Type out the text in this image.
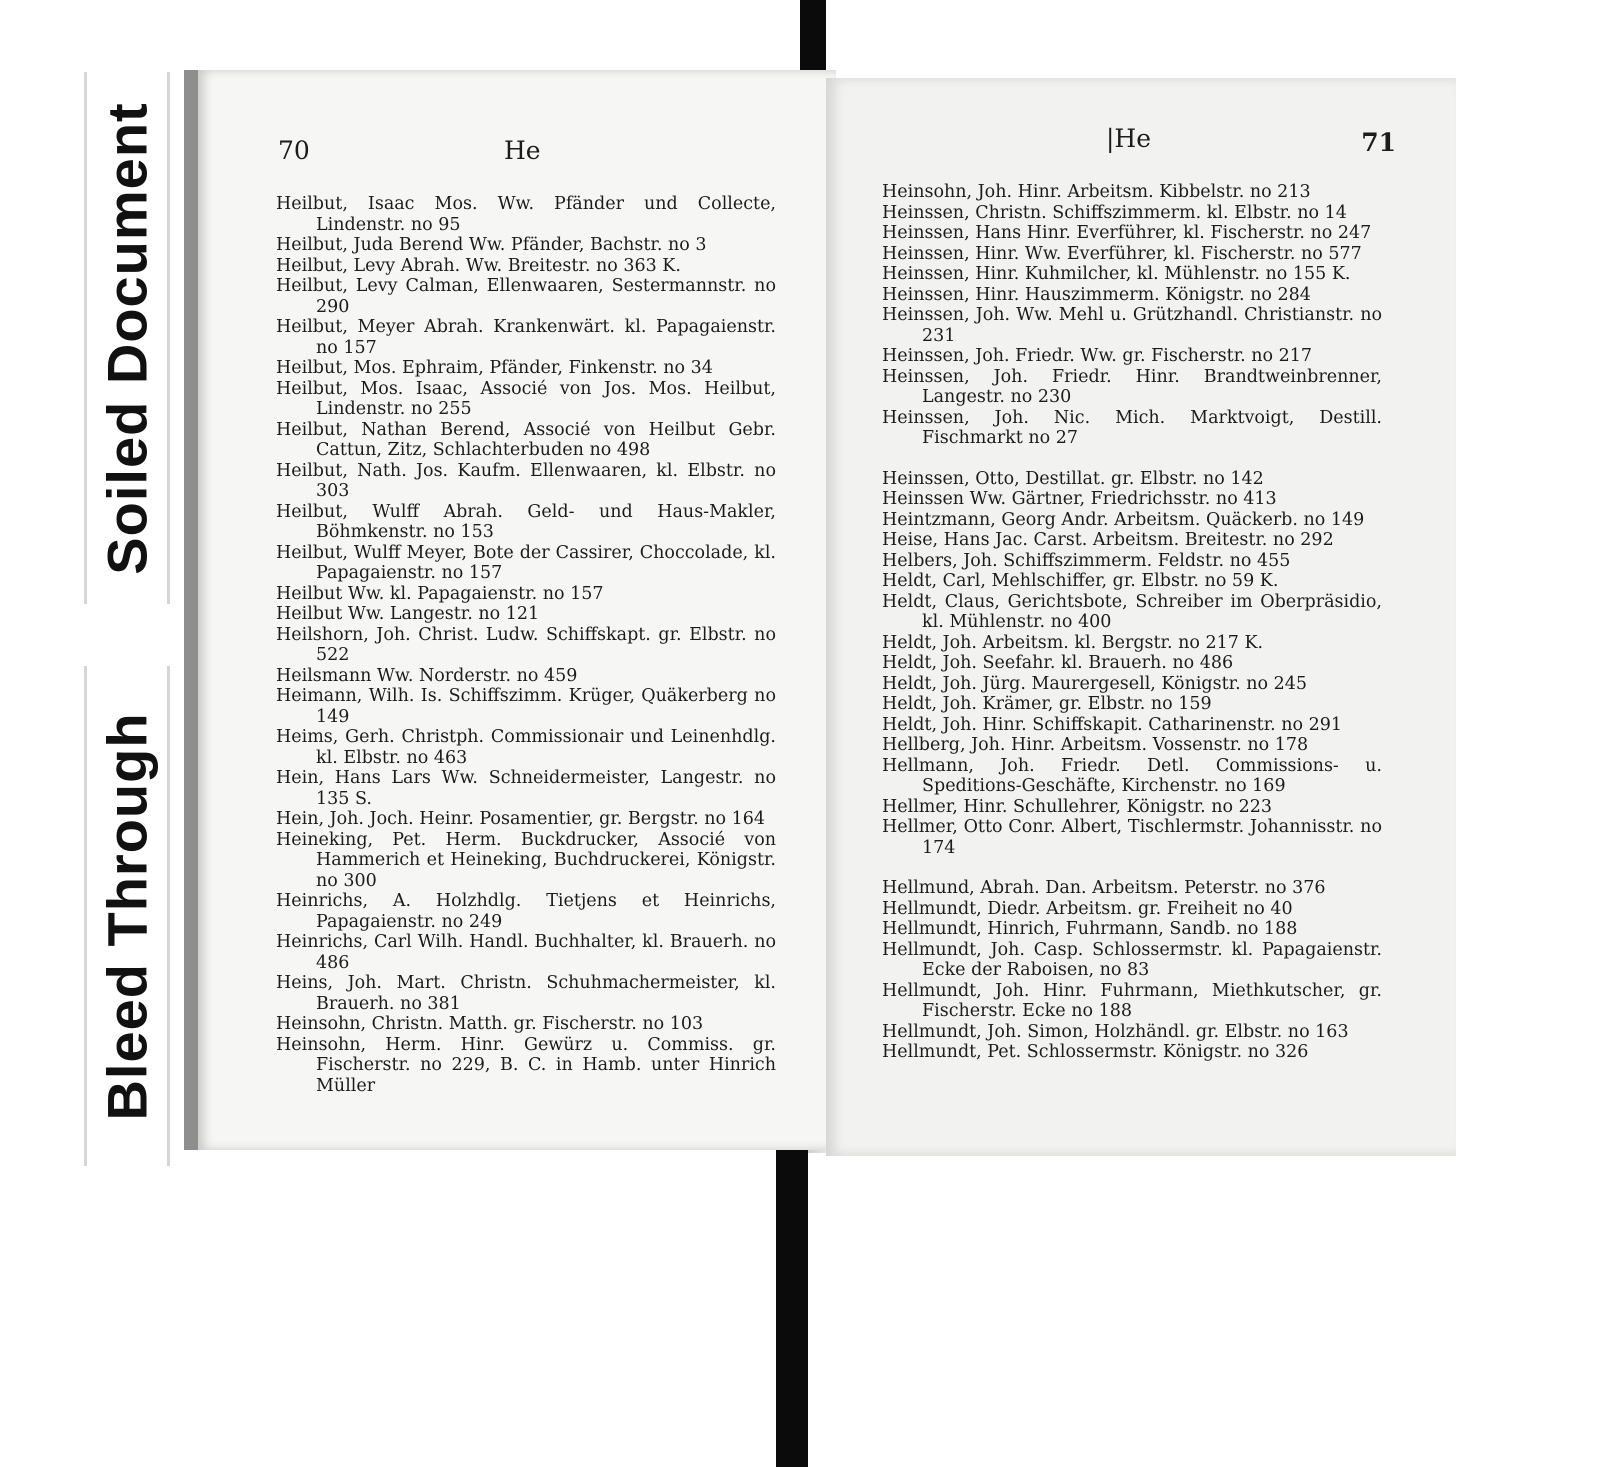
Soiled Document
Bleed Through
70	He
Heilbut, Isaac Mos. Ww. Pfänder und Collecte, Lindenstr. no 95
Heilbut, Juda Berend Ww. Pfänder, Bachstr. no 3
Heilbut, Levy Abrah. Ww. Breitestr. no 363 K.
Heilbut, Levy Calman, Ellenwaaren, Sestermannstr. no 290
Heilbut, Meyer Abrah. Krankenwärt. kl. Papagaienstr. no 157
Heilbut, Mos. Ephraim, Pfänder, Finkenstr. no 34
Heilbut, Mos. Isaac, Associé von Jos. Mos. Heilbut, Lindenstr. no 255
Heilbut, Nathan Berend, Associé von Heilbut Gebr. Cattun, Zitz, Schlachterbuden no 498
Heilbut, Nath. Jos. Kaufm. Ellenwaaren, kl. Elbstr. no 303
Heilbut, Wulff Abrah. Geld- und Haus-Makler, Böhmkenstr. no 153
Heilbut, Wulff Meyer, Bote der Cassirer, Choccolade, kl. Papagaienstr. no 157
Heilbut Ww. kl. Papagaienstr. no 157
Heilbut Ww. Langestr. no 121
Heilshorn, Joh. Christ. Ludw. Schiffskapt. gr. Elbstr. no 522
Heilsmann Ww. Norderstr. no 459
Heimann, Wilh. Is. Schiffszimm. Krüger, Quäkerberg no 149
Heims, Gerh. Christph. Commissionair und Leinenhdlg. kl. Elbstr. no 463
Hein, Hans Lars Ww. Schneidermeister, Langestr. no 135 S.
Hein, Joh. Joch. Heinr. Posamentier, gr. Bergstr. no 164
Heineking, Pet. Herm. Buckdrucker, Associé von Hammerich et Heineking, Buchdruckerei, Königstr. no 300
Heinrichs, A. Holzhdlg. Tietjens et Heinrichs, Papagaienstr. no 249
Heinrichs, Carl Wilh. Handl. Buchhalter, kl. Brauerh. no 486
Heins, Joh. Mart. Christn. Schuhmachermeister, kl. Brauerh. no 381
Heinsohn, Christn. Matth. gr. Fischerstr. no 103
Heinsohn, Herm. Hinr. Gewürz u. Commiss. gr. Fischerstr. no 229, B. C. in Hamb. unter Hinrich Müller
|He	71
Heinsohn, Joh. Hinr. Arbeitsm. Kibbelstr. no 213
Heinssen, Christn. Schiffszimmerm. kl. Elbstr. no 14
Heinssen, Hans Hinr. Everführer, kl. Fischerstr. no 247
Heinssen, Hinr. Ww. Everführer, kl. Fischerstr. no 577
Heinssen, Hinr. Kuhmilcher, kl. Mühlenstr. no 155 K.
Heinssen, Hinr. Hauszimmerm. Königstr. no 284
Heinssen, Joh. Ww. Mehl u. Grützhandl. Christianstr. no 231
Heinssen, Joh. Friedr. Ww. gr. Fischerstr. no 217
Heinssen, Joh. Friedr. Hinr. Brandtweinbrenner, Langestr. no 230
Heinssen, Joh. Nic. Mich. Marktvoigt, Destill. Fischmarkt no 27
Heinssen, Otto, Destillat. gr. Elbstr. no 142
Heinssen Ww. Gärtner, Friedrichsstr. no 413
Heintzmann, Georg Andr. Arbeitsm. Quäckerb. no 149
Heise, Hans Jac. Carst. Arbeitsm. Breitestr. no 292
Helbers, Joh. Schiffszimmerm. Feldstr. no 455
Heldt, Carl, Mehlschiffer, gr. Elbstr. no 59 K.
Heldt, Claus, Gerichtsbote, Schreiber im Oberpräsidio, kl. Mühlenstr. no 400
Heldt, Joh. Arbeitsm. kl. Bergstr. no 217 K.
Heldt, Joh. Seefahr. kl. Brauerh. no 486
Heldt, Joh. Jürg. Maurergesell, Königstr. no 245
Heldt, Joh. Krämer, gr. Elbstr. no 159
Heldt, Joh. Hinr. Schiffskapit. Catharinenstr. no 291
Hellberg, Joh. Hinr. Arbeitsm. Vossenstr. no 178
Hellmann, Joh. Friedr. Detl. Commissions- u. Speditions-Geschäfte, Kirchenstr. no 169
Hellmer, Hinr. Schullehrer, Königstr. no 223
Hellmer, Otto Conr. Albert, Tischlermstr. Johannisstr. no 174
Hellmund, Abrah. Dan. Arbeitsm. Peterstr. no 376
Hellmundt, Diedr. Arbeitsm. gr. Freiheit no 40
Hellmundt, Hinrich, Fuhrmann, Sandb. no 188
Hellmundt, Joh. Casp. Schlossermstr. kl. Papagaienstr. Ecke der Raboisen, no 83
Hellmundt, Joh. Hinr. Fuhrmann, Miethkutscher, gr. Fischerstr. Ecke no 188
Hellmundt, Joh. Simon, Holzhändl. gr. Elbstr. no 163
Hellmundt, Pet. Schlossermstr. Königstr. no 326
